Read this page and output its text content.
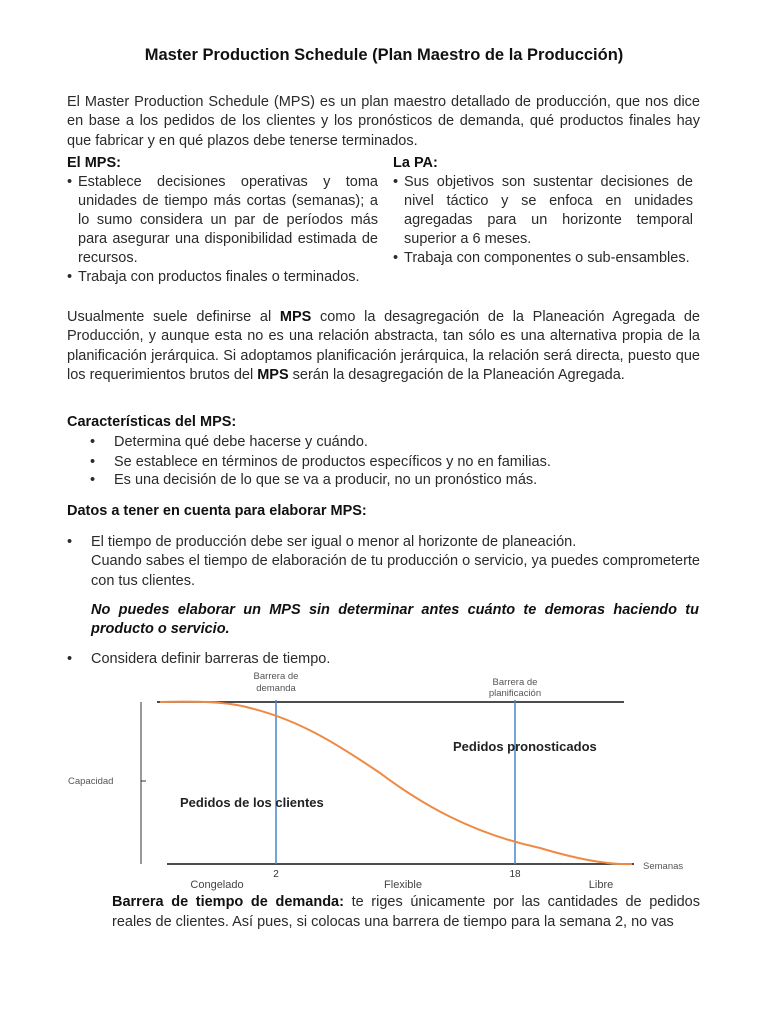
Master Production Schedule (Plan Maestro de la Producción)
El Master Production Schedule (MPS) es un plan maestro detallado de producción, que nos dice en base a los pedidos de los clientes y los pronósticos de demanda, qué productos finales hay que fabricar y en qué plazos debe tenerse terminados.
El MPS:
• Establece decisiones operativas y toma unidades de tiempo más cortas (semanas); a lo sumo considera un par de períodos más para asegurar una disponibilidad estimada de recursos.
• Trabaja con productos finales o terminados.
La PA:
• Sus objetivos son sustentar decisiones de nivel táctico y se enfoca en unidades agregadas para un horizonte temporal superior a 6 meses.
• Trabaja con componentes o sub-ensambles.
Usualmente suele definirse al MPS como la desagregación de la Planeación Agregada de Producción, y aunque esta no es una relación abstracta, tan sólo es una alternativa propia de la planificación jerárquica. Si adoptamos planificación jerárquica, la relación será directa, puesto que los requerimientos brutos del MPS serán la desagregación de la Planeación Agregada.
Características del MPS:
• Determina qué debe hacerse y cuándo.
• Se establece en términos de productos específicos y no en familias.
• Es una decisión de lo que se va a producir, no un pronóstico más.
Datos a tener en cuenta para elaborar MPS:
• El tiempo de producción debe ser igual o menor al horizonte de planeación.
Cuando sabes el tiempo de elaboración de tu producción o servicio, ya puedes comprometerte con tus clientes.
No puedes elaborar un MPS sin determinar antes cuánto te demoras haciendo tu producto o servicio.
• Considera definir barreras de tiempo.
Barrera de
demanda
Barrera de
planificación
Capacidad
Pedidos pronosticados
Pedidos de los clientes
Semanas
2	18
Congelado	Flexible	Libre
Barrera de tiempo de demanda: te riges únicamente por las cantidades de pedidos reales de clientes. Así pues, si colocas una barrera de tiempo para la semana 2, no vas
